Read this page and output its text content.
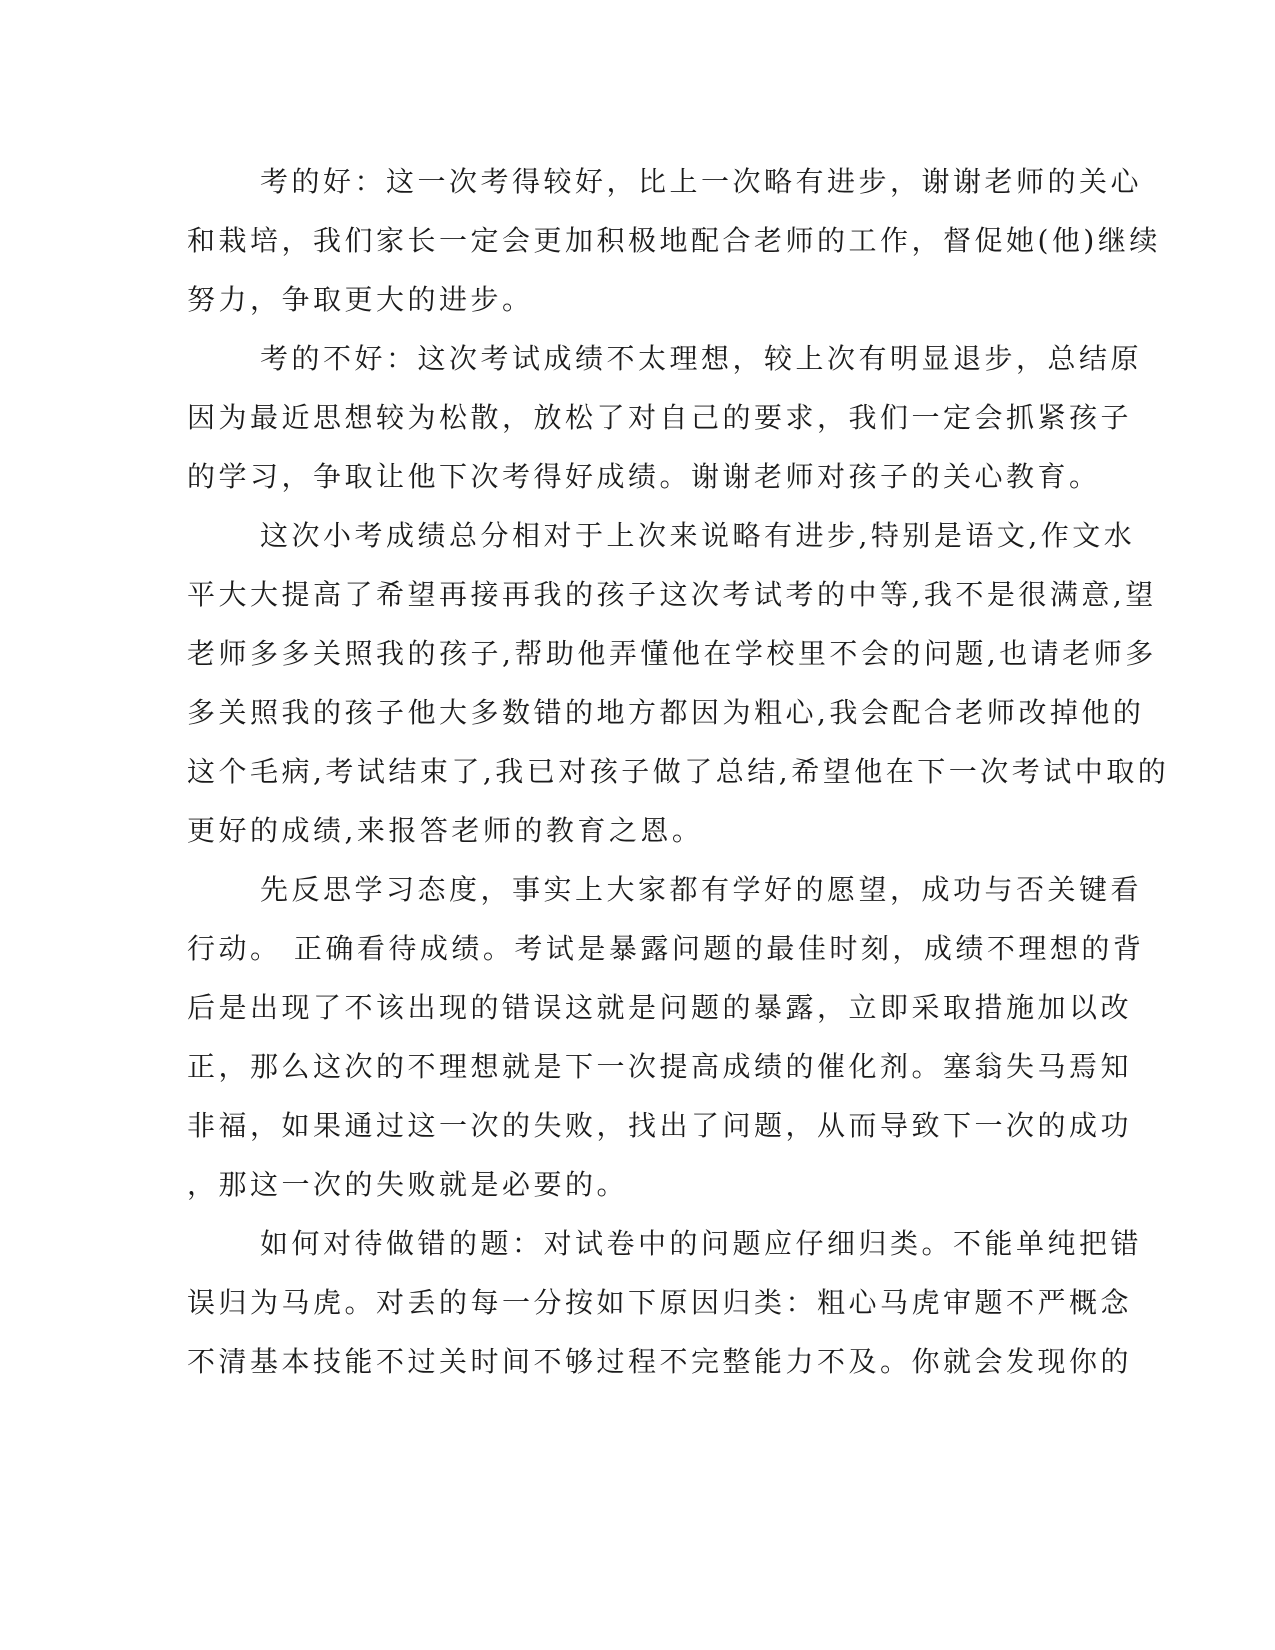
考的好：这一次考得较好，比上一次略有进步，谢谢老师的关心
和栽培，我们家长一定会更加积极地配合老师的工作，督促她(他)继续
努力，争取更大的进步。
考的不好：这次考试成绩不太理想，较上次有明显退步，总结原
因为最近思想较为松散，放松了对自己的要求，我们一定会抓紧孩子
的学习，争取让他下次考得好成绩。谢谢老师对孩子的关心教育。
这次小考成绩总分相对于上次来说略有进步,特别是语文,作文水
平大大提高了希望再接再我的孩子这次考试考的中等,我不是很满意,望
老师多多关照我的孩子,帮助他弄懂他在学校里不会的问题,也请老师多
多关照我的孩子他大多数错的地方都因为粗心,我会配合老师改掉他的
这个毛病,考试结束了,我已对孩子做了总结,希望他在下一次考试中取的
更好的成绩,来报答老师的教育之恩。
先反思学习态度，事实上大家都有学好的愿望，成功与否关键看
行动。 正确看待成绩。考试是暴露问题的最佳时刻，成绩不理想的背
后是出现了不该出现的错误这就是问题的暴露，立即采取措施加以改
正，那么这次的不理想就是下一次提高成绩的催化剂。塞翁失马焉知
非福，如果通过这一次的失败，找出了问题，从而导致下一次的成功
，那这一次的失败就是必要的。
如何对待做错的题：对试卷中的问题应仔细归类。不能单纯把错
误归为马虎。对丢的每一分按如下原因归类：粗心马虎审题不严概念
不清基本技能不过关时间不够过程不完整能力不及。你就会发现你的
